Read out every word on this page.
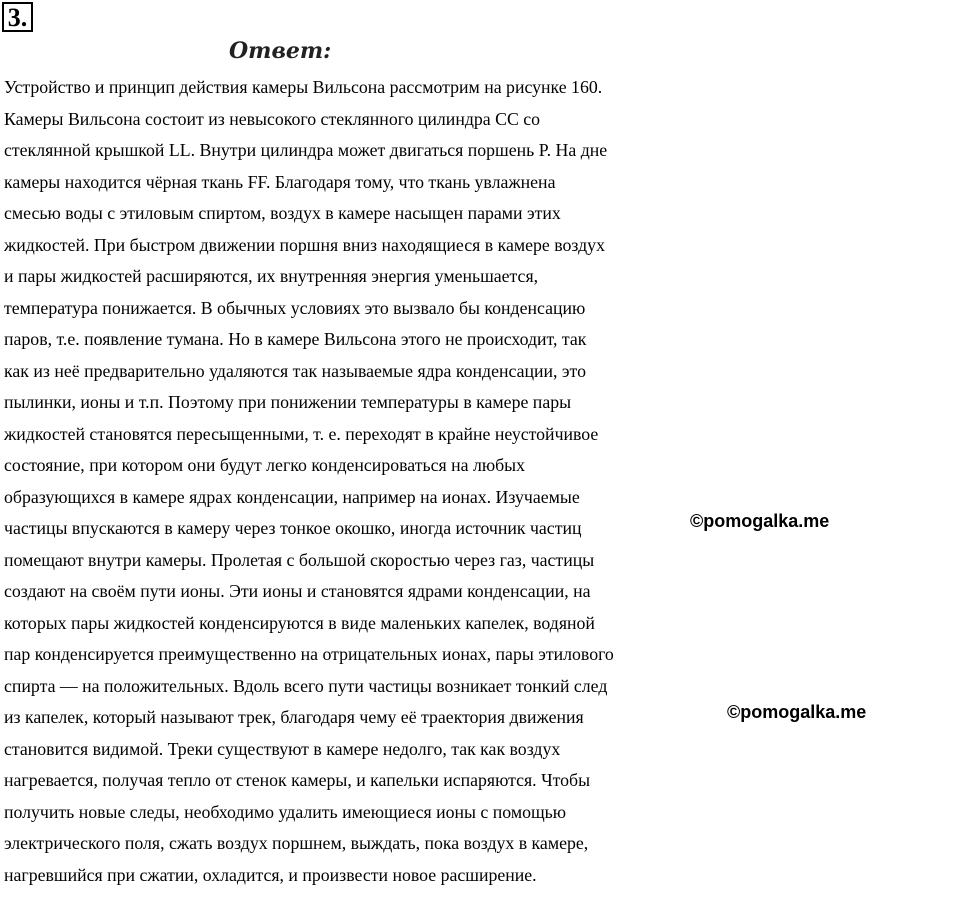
3.
Ответ:
Устройство и принцип действия камеры Вильсона рассмотрим на рисунке 160.
Камеры Вильсона состоит из невысокого стеклянного цилиндра СС со
стеклянной крышкой LL. Внутри цилиндра может двигаться поршень P. На дне
камеры находится чёрная ткань FF. Благодаря тому, что ткань увлажнена
смесью воды с этиловым спиртом, воздух в камере насыщен парами этих
жидкостей. При быстром движении поршня вниз находящиеся в камере воздух
и пары жидкостей расширяются, их внутренняя энергия уменьшается,
температура понижается. В обычных условиях это вызвало бы конденсацию
паров, т.е. появление тумана. Но в камере Вильсона этого не происходит, так
как из неё предварительно удаляются так называемые ядра конденсации, это
пылинки, ионы и т.п. Поэтому при понижении температуры в камере пары
жидкостей становятся пересыщенными, т. е. переходят в крайне неустойчивое
состояние, при котором они будут легко конденсироваться на любых
образующихся в камере ядрах конденсации, например на ионах. Изучаемые
частицы впускаются в камеру через тонкое окошко, иногда источник частиц
помещают внутри камеры. Пролетая с большой скоростью через газ, частицы
создают на своём пути ионы. Эти ионы и становятся ядрами конденсации, на
которых пары жидкостей конденсируются в виде маленьких капелек, водяной
пар конденсируется преимущественно на отрицательных ионах, пары этилового
спирта — на положительных. Вдоль всего пути частицы возникает тонкий след
из капелек, который называют трек, благодаря чему её траектория движения
становится видимой. Треки существуют в камере недолго, так как воздух
нагревается, получая тепло от стенок камеры, и капельки испаряются. Чтобы
получить новые следы, необходимо удалить имеющиеся ионы с помощью
электрического поля, сжать воздух поршнем, выждать, пока воздух в камере,
нагревшийся при сжатии, охладится, и произвести новое расширение.
©pomogalka.me
©pomogalka.me
